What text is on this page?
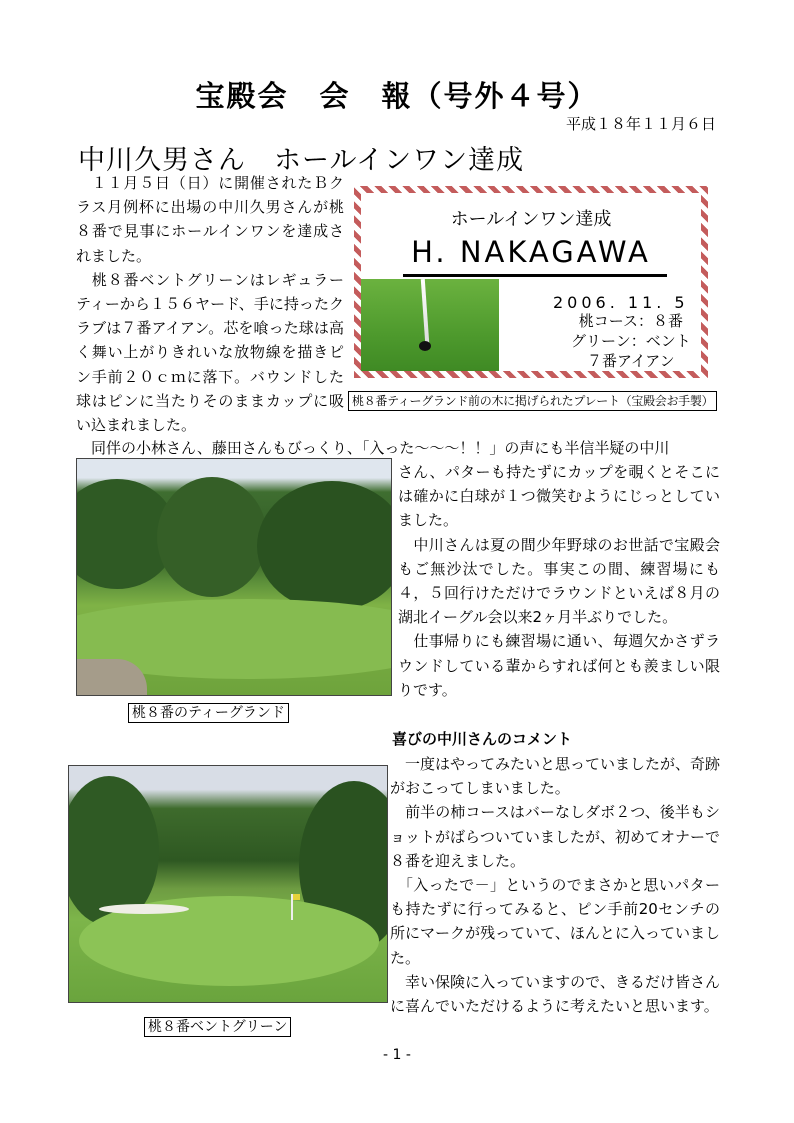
宝殿会　会　報（号外４号）
平成１８年１１月６日
中川久男さん　ホールインワン達成
　１１月５日（日）に開催されたＢクラス月例杯に出場の中川久男さんが桃８番で見事にホールインワンを達成されました。
　桃８番ベントグリーンはレギュラーティーから１５６ヤード、手に持ったクラブは７番アイアン。芯を喰った球は高く舞い上がりきれいな放物線を描きピン手前２０ｃｍに落下。バウンドした球はピンに当たりそのままカップに吸い込まれました。
ホールインワン達成
H. NAKAGAWA
2006. 11. 5
桃コース：８番
グリーン：ベント
７番アイアン
桃８番ティーグランド前の木に掲げられたプレート（宝殿会お手製）
　同伴の小林さん、藤田さんもびっくり、「入った～～～！！」の声にも半信半疑の中川
桃８番のティーグランド
さん、パターも持たずにカップを覗くとそこには確かに白球が１つ微笑むようにじっとしていました。
　中川さんは夏の間少年野球のお世話で宝殿会もご無沙汰でした。事実この間、練習場にも４，５回行けただけでラウンドといえば８月の湖北イーグル会以来2ヶ月半ぶりでした。
　仕事帰りにも練習場に通い、毎週欠かさずラウンドしている輩からすれば何とも羨ましい限りです。
喜びの中川さんのコメント
桃８番ベントグリーン
　一度はやってみたいと思っていましたが、奇跡がおこってしまいました。
　前半の柿コースはバーなしダボ２つ、後半もショットがばらついていましたが、初めてオナーで８番を迎えました。
　「入ったで－」というのでまさかと思いパターも持たずに行ってみると、ピン手前20センチの所にマークが残っていて、ほんとに入っていました。
　幸い保険に入っていますので、きるだけ皆さんに喜んでいただけるように考えたいと思います。
- 1 -
